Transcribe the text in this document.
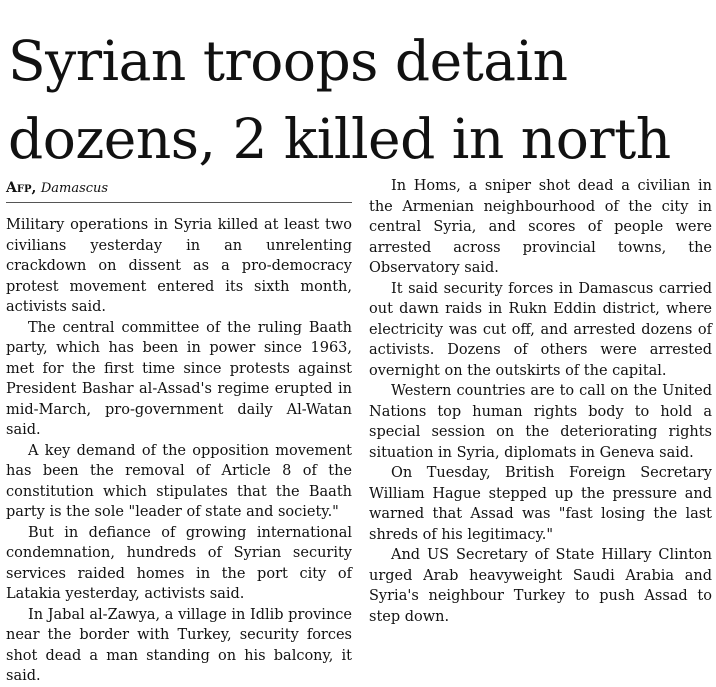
Syrian troops detain dozens, 2 killed in north
Afp, Damascus

Military operations in Syria killed at least two civilians yesterday in an unrelenting crackdown on dissent as a pro-democracy protest movement entered its sixth month, activists said.

The central committee of the ruling Baath party, which has been in power since 1963, met for the first time since protests against President Bashar al-Assad's regime erupted in mid-March, pro-government daily Al-Watan said.

A key demand of the opposition movement has been the removal of Article 8 of the constitution which stipulates that the Baath party is the sole "leader of state and society."

But in defiance of growing international condemnation, hundreds of Syrian security services raided homes in the port city of Latakia yesterday, activists said.

In Jabal al-Zawya, a village in Idlib province near the border with Turkey, security forces shot dead a man standing on his balcony, it said.

In Homs, a sniper shot dead a civilian in the Armenian neighbourhood of the city in central Syria, and scores of people were arrested across provincial towns, the Observatory said.

It said security forces in Damascus carried out dawn raids in Rukn Eddin district, where electricity was cut off, and arrested dozens of activists. Dozens of others were arrested overnight on the outskirts of the capital.

Western countries are to call on the United Nations top human rights body to hold a special session on the deteriorating rights situation in Syria, diplomats in Geneva said.

On Tuesday, British Foreign Secretary William Hague stepped up the pressure and warned that Assad was "fast losing the last shreds of his legitimacy."

And US Secretary of State Hillary Clinton urged Arab heavyweight Saudi Arabia and Syria's neighbour Turkey to push Assad to step down.
